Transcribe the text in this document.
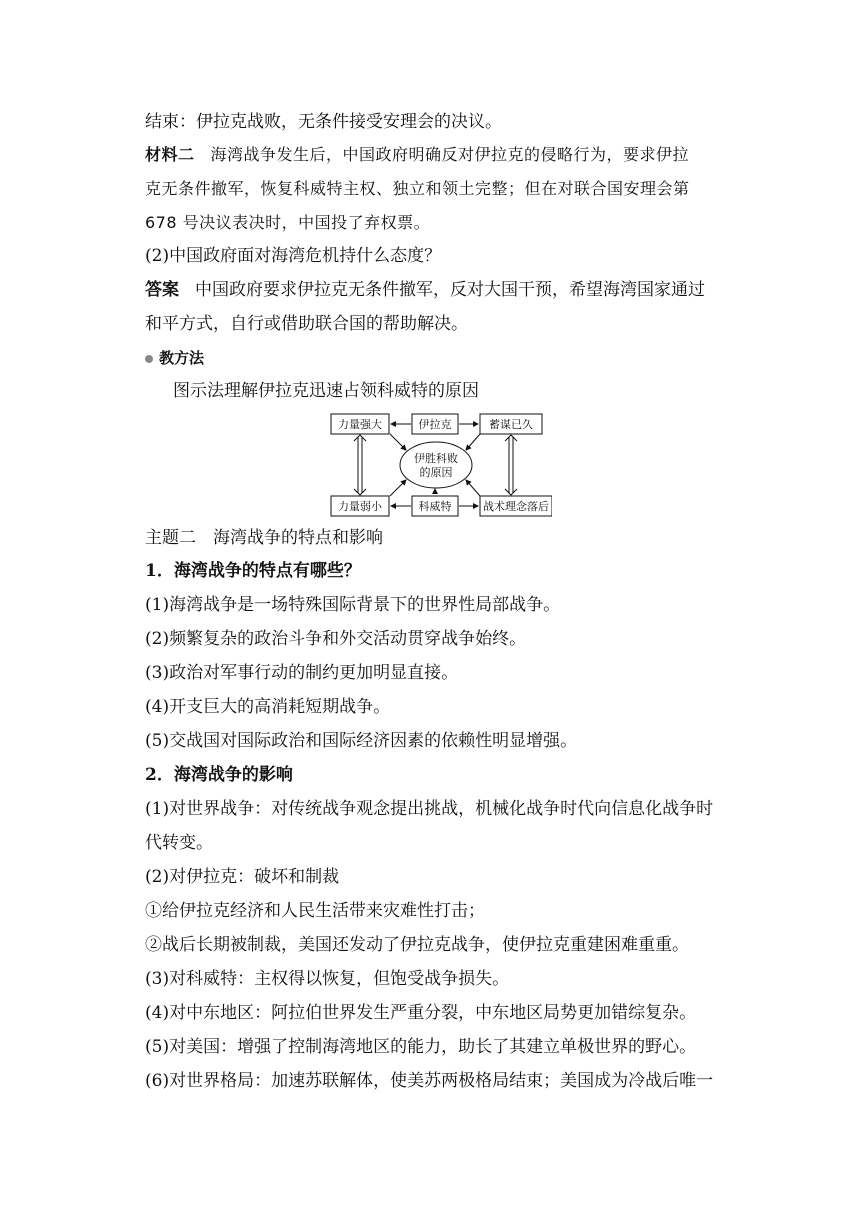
结束：伊拉克战败，无条件接受安理会的决议。
材料二 海湾战争发生后，中国政府明确反对伊拉克的侵略行为，要求伊拉
克无条件撤军，恢复科威特主权、独立和领土完整；但在对联合国安理会第
678 号决议表决时，中国投了弃权票。
(2)中国政府面对海湾危机持什么态度？
答案 中国政府要求伊拉克无条件撤军，反对大国干预，希望海湾国家通过
和平方式，自行或借助联合国的帮助解决。
教方法
图示法理解伊拉克迅速占领科威特的原因
力量强大	伊拉克	蓄谋已久
伊胜科败
的原因
力量弱小	科威特	战术理念落后
主题二　海湾战争的特点和影响
1．海湾战争的特点有哪些？
(1)海湾战争是一场特殊国际背景下的世界性局部战争。
(2)频繁复杂的政治斗争和外交活动贯穿战争始终。
(3)政治对军事行动的制约更加明显直接。
(4)开支巨大的高消耗短期战争。
(5)交战国对国际政治和国际经济因素的依赖性明显增强。
2．海湾战争的影响
(1)对世界战争：对传统战争观念提出挑战，机械化战争时代向信息化战争时
代转变。
(2)对伊拉克：破坏和制裁
①给伊拉克经济和人民生活带来灾难性打击；
②战后长期被制裁，美国还发动了伊拉克战争，使伊拉克重建困难重重。
(3)对科威特：主权得以恢复，但饱受战争损失。
(4)对中东地区：阿拉伯世界发生严重分裂，中东地区局势更加错综复杂。
(5)对美国：增强了控制海湾地区的能力，助长了其建立单极世界的野心。
(6)对世界格局：加速苏联解体，使美苏两极格局结束；美国成为冷战后唯一
